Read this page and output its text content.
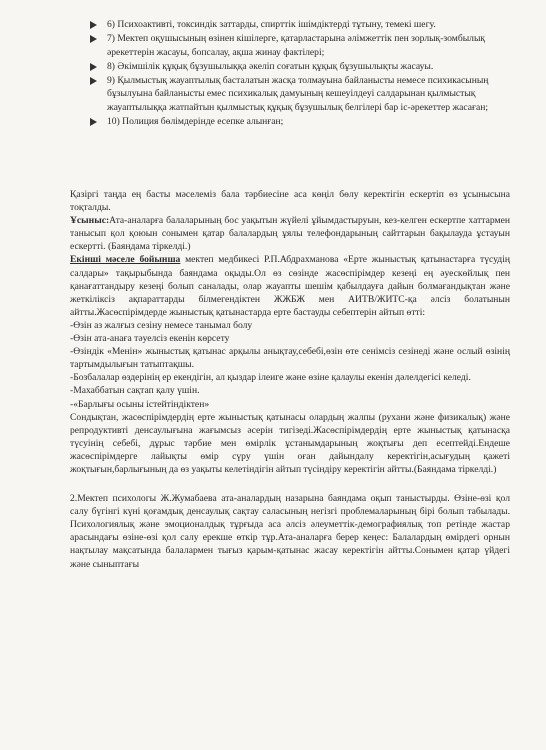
6) Психоактивті, токсиндік заттарды, спирттік ішімдіктерді тұтыну, темекі шегу.
7) Мектеп оқушысының өзінен кішілерге, қатарластарына әлімжеттік пен зорлық-зомбылық әрекеттерін жасауы, бопсалау, ақша жинау фактілері;
8) Әкімшілік құқық бұзушылыққа әкеліп соғатын құқық бұзушылықты жасауы.
9) Қылмыстық жауаптылық басталатын жасқа толмауына байланысты немесе психикасының бұзылуына байланысты емес психикалық дамуының кешеуілдеуі салдарынан қылмыстық жауаптылыққа жатпайтын қылмыстық құқық бұзушылық белгілері бар іс-әрекеттер жасаған;
10) Полиция бөлімдерінде есепке алынған;

Қазіргі таңда ең басты мәселеміз бала тәрбиесіне аса көңіл бөлу керектігін ескертіп өз ұсынысына тоқталды.

Ұсыныс:Ата-аналарға балаларының бос уақытын жүйелі ұйымдастыруын, кез-келген ескертпе хаттармен танысып қол қоюын сонымен қатар балалардың ұялы телефондарының сайттарын бақылауда ұстауын ескертті. (Баяндама тіркелді.)

Екінші мәселе бойынша мектеп медбикесі Р.П.Абдрахманова «Ерте жыныстық қатынастарға түсудің салдары» тақырыбында баяндама оқыды.Ол өз сөзінде жасөспірімдер кезеңі ең әуескөйлық пен қанағаттандыру кезеңі болып саналады, олар жауапты шешім қабылдауға дайын болмағандықтан және жеткіліксіз ақпараттарды білмегендіктен ЖЖБЖ мен АИТВ/ЖИТС-қа әлсіз болатынын айтты.Жасөспірімдерде жыныстық қатынастарда ерте бастауды себептерін айтып өтті:

-Өзін аз жалғыз сезіну немесе танымал болу

-Өзін ата-анаға тәуелсіз екенін көрсету

-Өзіндік «Менін» жыныстық қатынас арқылы анықтау,себебі,өзін өте сенімсіз сезінеді және ослый өзінің тартымдылығын татыптақшы.

-Бозбалалар өздерінің ер екендігін, ал қыздар ілеиге және өзіне қалаулы екенін дәлелдегісі келеді.

-Махаббатын сақтап қалу үшін.

-«Барлығы осыны істейтіндіктен»

Сондықтан, жасөспірімдердің ерте жыныстық қатынасы олардың жалпы (рухани және физикалық) және репродуктивті денсаулығына жағымсыз әсерін тигізеді.Жасөспірімдердің ерте жыныстық қатынасқа түсуінің себебі, дұрыс тәрбие мен өмірлік ұстанымдарының жоқтығы деп есептейді.Ендеше жасөспірімдерге лайықты өмір сүру үшін оған дайындалу керектігін,асығудың қажеті жоқтығын,барлығының да өз уақыты келетіндігін айтып түсіндіру керектігін айтты.(Баяндама тіркелді.)

2.Мектеп психологы Ж.Жумабаева ата-аналардың назарына баяндама оқып таныстырды. Өзіне-өзі қол салу бүгінгі күні қоғамдық денсаулық сақтау саласының негізгі проблемаларының бірі болып табылады. Психологиялық және эмоционалдық тұрғыда аса әлсіз әлеуметтік-демографиялық топ ретінде жастар арасындағы өзіне-өзі қол салу ерекше өткір тұр.Ата-аналарға берер кеңес: Балалардың өмірдегі орнын нақтылау мақсатында балалармен тығыз қарым-қатынас жасау керектігін айтты.Сонымен қатар үйдегі және сыныптағы
